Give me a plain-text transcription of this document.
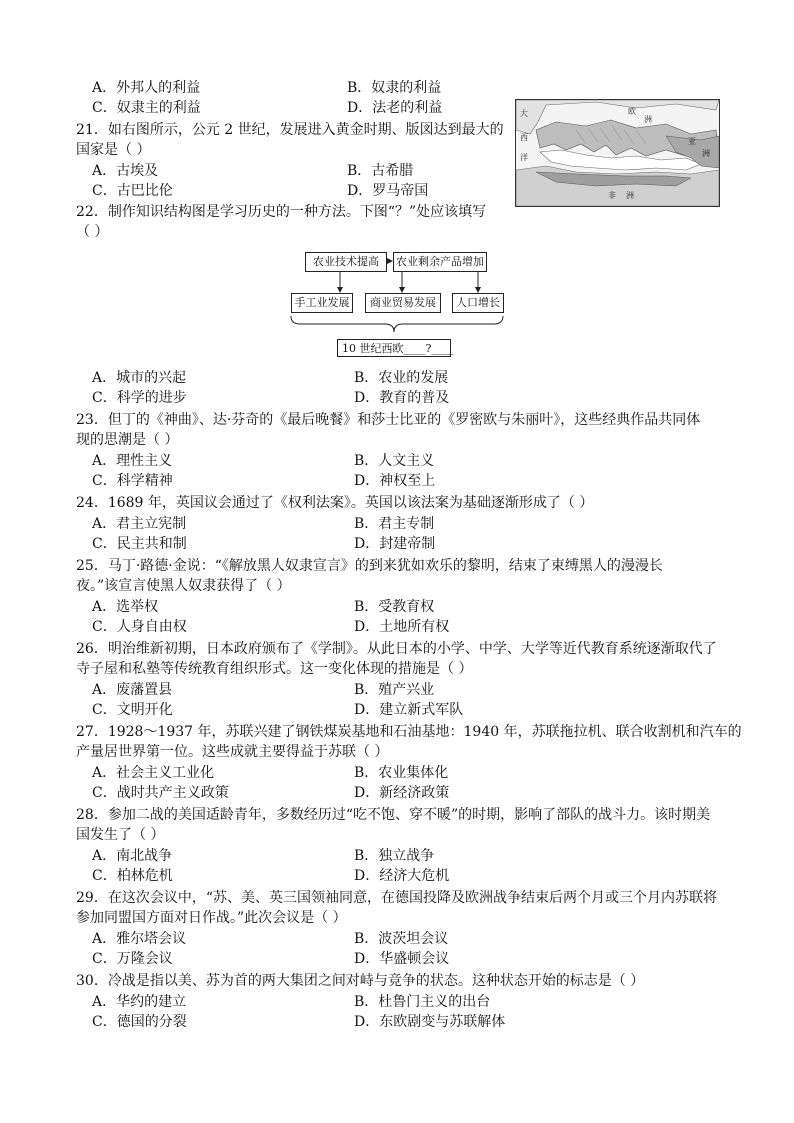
A．外邦人的利益	B．奴隶的利益
C．奴隶主的利益	D．法老的利益
21．如右图所示，公元 2 世纪，发展进入黄金时期、版図达到最大的
国家是（ ）
A．古埃及	B．古希腊
C．古巴比伦	D．罗马帝国
大
西
洋
欧
洲
亚
洲
非 洲
22．制作知识结构图是学习历史的一种方法。下图“？”处应该填写
（ ）
农业技术提高	农业剩余产品增加
手工业发展	商业贸易发展	人口增长
10 世纪西欧____?____
A．城市的兴起	B．农业的发展
C．科学的进步	D．教育的普及
23．但丁的《神曲》、达·芬奇的《最后晚餐》和莎士比亚的《罗密欧与朱丽叶》，这些经典作品共同体
现的思潮是（ ）
A．理性主义	B．人文主义
C．科学精神	D．神权至上
24．1689 年，英国议会通过了《权利法案》。英国以该法案为基础逐渐形成了（ ）
A．君主立宪制	B．君主专制
C．民主共和制	D．封建帝制
25．马丁·路德·金说：“《解放黑人奴隶宣言》的到来犹如欢乐的黎明，结束了束缚黑人的漫漫长
夜。”该宣言使黑人奴隶获得了（ ）
A．选举权	B．受教育权
C．人身自由权	D．土地所有权
26．明治维新初期，日本政府颁布了《学制》。从此日本的小学、中学、大学等近代教育系统逐渐取代了
寺子屋和私塾等传统教育组织形式。这一变化体现的措施是（ ）
A．废藩置县	B．殖产兴业
C．文明开化	D．建立新式军队
27．1928～1937 年，苏联兴建了钢铁煤炭基地和石油基地：1940 年，苏联拖拉机、联合收割机和汽车的
产量居世界第一位。这些成就主要得益于苏联（ ）
A．社会主义工业化	B．农业集体化
C．战时共产主义政策	D．新经济政策
28．参加二战的美国适龄青年，多数经历过“吃不饱、穿不暖”的时期，影响了部队的战斗力。该时期美
国发生了（ ）
A．南北战争	B．独立战争
C．柏林危机	D．经济大危机
29．在这次会议中，“苏、美、英三国领袖同意，在德国投降及欧洲战争结束后两个月或三个月内苏联将
参加同盟国方面对日作战。”此次会议是（ ）
A．雅尔塔会议	B．波茨坦会议
C．万隆会议	D．华盛顿会议
30．冷战是指以美、苏为首的两大集团之间对峙与竞争的状态。这种状态开始的标志是（ ）
A．华约的建立	B．杜鲁门主义的出台
C．德国的分裂	D．东欧剧变与苏联解体
